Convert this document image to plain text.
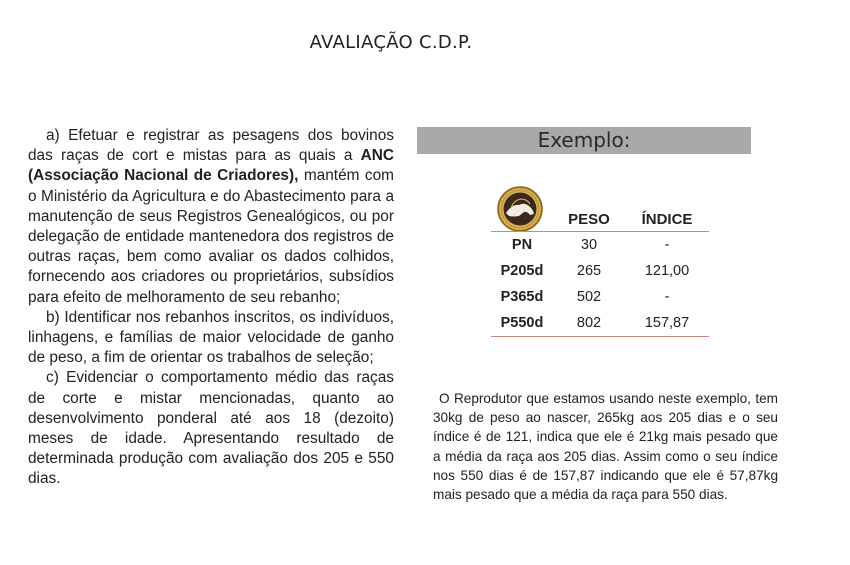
AVALIAÇÃO C.D.P.

a) Efetuar e registrar as pesagens dos bovinos das raças de cort e mistas para as quais a ANC (Associação Nacional de Criadores), mantém com o Ministério da Agricultura e do Abastecimento para a manutenção de seus Registros Genealógicos, ou por delegação de entidade mantenedora dos registros de outras raças, bem como avaliar os dados colhidos, fornecendo aos criadores ou proprietários, subsídios para efeito de melhoramento de seu rebanho;

b) Identificar nos rebanhos inscritos, os indivíduos, linhagens, e famílias de maior velocidade de ganho de peso, a fim de orientar os trabalhos de seleção;

c) Evidenciar o comportamento médio das raças de corte e mistar mencionadas, quanto ao desenvolvimento ponderal até aos 18 (dezoito) meses de idade. Apresentando resultado de determinada produção com avaliação dos 205 e 550 dias.

Exemplo:
	PESO	ÍNDICE
PN	30	-
P205d	265	121,00
P365d	502	-
P550d	802	157,87

O Reprodutor que estamos usando neste exemplo, tem 30kg de peso ao nascer, 265kg aos 205 dias e o seu índice é de 121, indica que ele é 21kg mais pesado que a média da raça aos 205 dias. Assim como o seu índice nos 550 dias é de 157,87 indicando que ele é 57,87kg mais pesado que a média da raça para 550 dias.
